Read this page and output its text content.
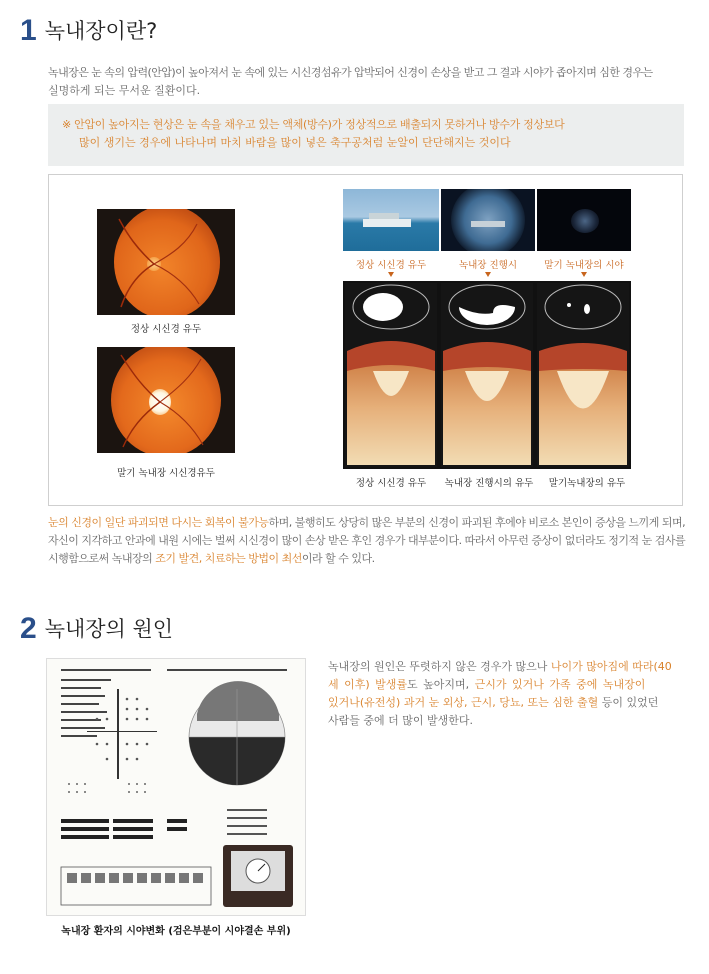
1 녹내장이란?
녹내장은 눈 속의 압력(안압)이 높아져서 눈 속에 있는 시신경섬유가 압박되어 신경이 손상을 받고 그 결과 시야가 좁아지며 심한 경우는
실명하게 되는 무서운 질환이다.
※ 안압이 높아지는 현상은 눈 속을 채우고 있는 액체(방수)가 정상적으로 배출되지 못하거나 방수가 정상보다
많이 생기는 경우에 나타나며 마치 바람을 많이 넣은 축구공처럼 눈알이 단단해지는 것이다
정상 시신경 유두
말기 녹내장 시신경유두
정상 시신경 유두	녹내장 진행시	말기 녹내장의 시야
정상 시신경 유두	녹내장 진행시의 유두	말기녹내장의 유두
눈의 신경이 일단 파괴되면 다시는 회복이 불가능하며, 불행히도 상당히 많은 부분의 신경이 파괴된 후에야 비로소 본인이 증상을 느끼게 되며,
자신이 지각하고 안과에 내원 시에는 벌써 시신경이 많이 손상 받은 후인 경우가 대부분이다. 따라서 아무런 증상이 없더라도 정기적 눈 검사를
시행함으로써 녹내장의 조기 발견, 치료하는 방법이 최선이라 할 수 있다.
2 녹내장의 원인
녹내장 환자의 시야변화 (검은부분이 시야결손 부위)
녹내장의 원인은 뚜렷하지 않은 경우가 많으나 나이가 많아짐에 따라(40
세 이후) 발생률도 높아지며, 근시가 있거나 가족 중에 녹내장이
있거나(유전성) 과거 눈 외상, 근시, 당뇨, 또는 심한 출혈 등이 있었던
사람들 중에 더 많이 발생한다.
